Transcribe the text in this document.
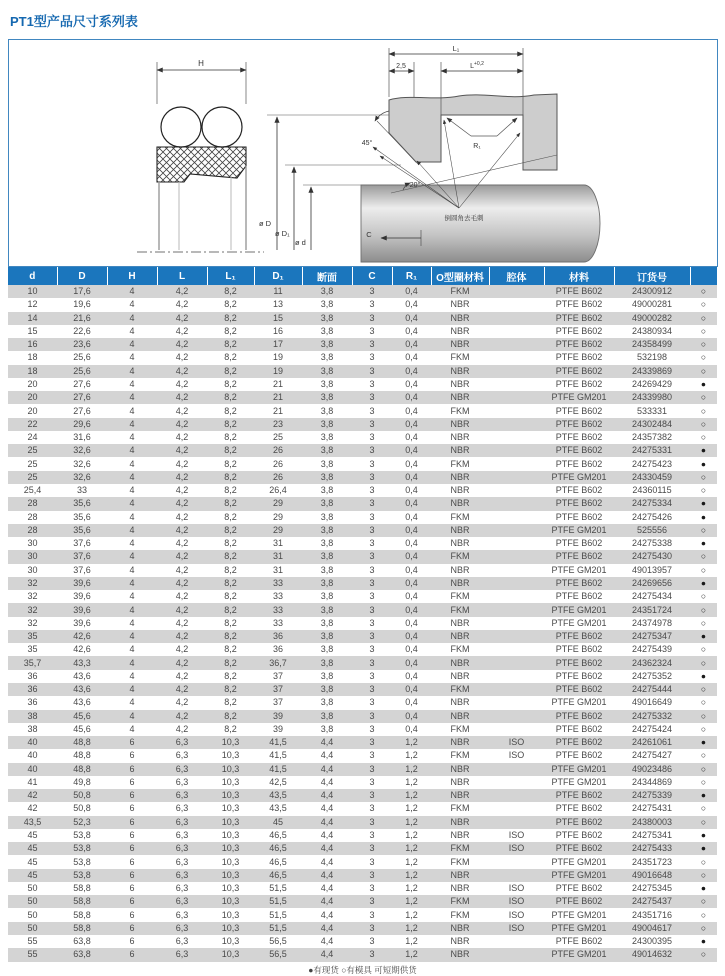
PT1型产品尺寸系列表
H
ø D
ø D₁
ø d
R₁
45°
20°
L₁
2,5	$L^{+0,2}$
C
倒圆角去毛刺
d	D	H	L	L₁	D₁	断面	C	R₁	O型圈材料	腔体	材料	订货号	
10	17,6	4	4,2	8,2	11	3,8	3	0,4	FKM		PTFE B602	24300912	○
12	19,6	4	4,2	8,2	13	3,8	3	0,4	NBR		PTFE B602	49000281	○
14	21,6	4	4,2	8,2	15	3,8	3	0,4	NBR		PTFE B602	49000282	○
15	22,6	4	4,2	8,2	16	3,8	3	0,4	NBR		PTFE B602	24380934	○
16	23,6	4	4,2	8,2	17	3,8	3	0,4	NBR		PTFE B602	24358499	○
18	25,6	4	4,2	8,2	19	3,8	3	0,4	FKM		PTFE B602	532198	○
18	25,6	4	4,2	8,2	19	3,8	3	0,4	NBR		PTFE B602	24339869	○
20	27,6	4	4,2	8,2	21	3,8	3	0,4	NBR		PTFE B602	24269429	●
20	27,6	4	4,2	8,2	21	3,8	3	0,4	NBR		PTFE GM201	24339980	○
20	27,6	4	4,2	8,2	21	3,8	3	0,4	FKM		PTFE B602	533331	○
22	29,6	4	4,2	8,2	23	3,8	3	0,4	NBR		PTFE B602	24302484	○
24	31,6	4	4,2	8,2	25	3,8	3	0,4	NBR		PTFE B602	24357382	○
25	32,6	4	4,2	8,2	26	3,8	3	0,4	NBR		PTFE B602	24275331	●
25	32,6	4	4,2	8,2	26	3,8	3	0,4	FKM		PTFE B602	24275423	●
25	32,6	4	4,2	8,2	26	3,8	3	0,4	NBR		PTFE GM201	24330459	○
25,4	33	4	4,2	8,2	26,4	3,8	3	0,4	NBR		PTFE B602	24360115	○
28	35,6	4	4,2	8,2	29	3,8	3	0,4	NBR		PTFE B602	24275334	●
28	35,6	4	4,2	8,2	29	3,8	3	0,4	FKM		PTFE B602	24275426	●
28	35,6	4	4,2	8,2	29	3,8	3	0,4	NBR		PTFE GM201	525556	○
30	37,6	4	4,2	8,2	31	3,8	3	0,4	NBR		PTFE B602	24275338	●
30	37,6	4	4,2	8,2	31	3,8	3	0,4	FKM		PTFE B602	24275430	○
30	37,6	4	4,2	8,2	31	3,8	3	0,4	NBR		PTFE GM201	49013957	○
32	39,6	4	4,2	8,2	33	3,8	3	0,4	NBR		PTFE B602	24269656	●
32	39,6	4	4,2	8,2	33	3,8	3	0,4	FKM		PTFE B602	24275434	○
32	39,6	4	4,2	8,2	33	3,8	3	0,4	FKM		PTFE GM201	24351724	○
32	39,6	4	4,2	8,2	33	3,8	3	0,4	NBR		PTFE GM201	24374978	○
35	42,6	4	4,2	8,2	36	3,8	3	0,4	NBR		PTFE B602	24275347	●
35	42,6	4	4,2	8,2	36	3,8	3	0,4	FKM		PTFE B602	24275439	○
35,7	43,3	4	4,2	8,2	36,7	3,8	3	0,4	NBR		PTFE B602	24362324	○
36	43,6	4	4,2	8,2	37	3,8	3	0,4	NBR		PTFE B602	24275352	●
36	43,6	4	4,2	8,2	37	3,8	3	0,4	FKM		PTFE B602	24275444	○
36	43,6	4	4,2	8,2	37	3,8	3	0,4	NBR		PTFE GM201	49016649	○
38	45,6	4	4,2	8,2	39	3,8	3	0,4	NBR		PTFE B602	24275332	○
38	45,6	4	4,2	8,2	39	3,8	3	0,4	FKM		PTFE B602	24275424	○
40	48,8	6	6,3	10,3	41,5	4,4	3	1,2	NBR	ISO	PTFE B602	24261061	●
40	48,8	6	6,3	10,3	41,5	4,4	3	1,2	FKM	ISO	PTFE B602	24275427	○
40	48,8	6	6,3	10,3	41,5	4,4	3	1,2	NBR		PTFE GM201	49023486	○
41	49,8	6	6,3	10,3	42,5	4,4	3	1,2	NBR		PTFE GM201	24344869	○
42	50,8	6	6,3	10,3	43,5	4,4	3	1,2	NBR		PTFE B602	24275339	●
42	50,8	6	6,3	10,3	43,5	4,4	3	1,2	FKM		PTFE B602	24275431	○
43,5	52,3	6	6,3	10,3	45	4,4	3	1,2	NBR		PTFE B602	24380003	○
45	53,8	6	6,3	10,3	46,5	4,4	3	1,2	NBR	ISO	PTFE B602	24275341	●
45	53,8	6	6,3	10,3	46,5	4,4	3	1,2	FKM	ISO	PTFE B602	24275433	●
45	53,8	6	6,3	10,3	46,5	4,4	3	1,2	FKM		PTFE GM201	24351723	○
45	53,8	6	6,3	10,3	46,5	4,4	3	1,2	NBR		PTFE GM201	49016648	○
50	58,8	6	6,3	10,3	51,5	4,4	3	1,2	NBR	ISO	PTFE B602	24275345	●
50	58,8	6	6,3	10,3	51,5	4,4	3	1,2	FKM	ISO	PTFE B602	24275437	○
50	58,8	6	6,3	10,3	51,5	4,4	3	1,2	FKM	ISO	PTFE GM201	24351716	○
50	58,8	6	6,3	10,3	51,5	4,4	3	1,2	NBR	ISO	PTFE GM201	49004617	○
55	63,8	6	6,3	10,3	56,5	4,4	3	1,2	NBR		PTFE B602	24300395	●
55	63,8	6	6,3	10,3	56,5	4,4	3	1,2	NBR		PTFE GM201	49014632	○
●有现货 ○有模具 可短期供货
